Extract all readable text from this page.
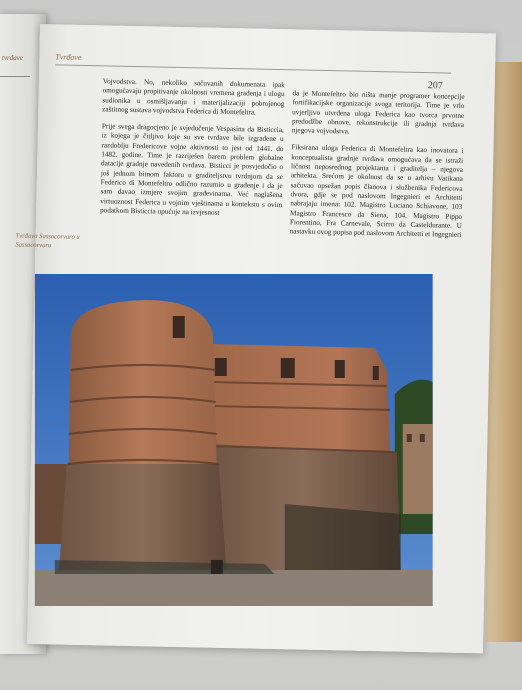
tvrđave	Tvrđave
207

Vojvodstva. No, nekoliko sačuvanih dokumenata ipak omogućavaju propitivanje okolnosti vremena građenja i ulogu sudionika u osmišljavanju i materijalizaciji pobrojenog zaštitnog sustava vojvodstva Federica di Montefeltra.

Prije svega dragocjeno je svjedočenje Vespasina da Bisticcia, iz kojega je čitljivo koje su sve tvrđave bile izgrađene u razdoblju Fredericove vojne aktivnosti to jest od 1441. do 1482. godine. Time je razriješen barem problem globalne datacije gradnje navedenih tvrđava. Bisticci je posvjedočio o još jednom bitnom faktoru u graditeljstvu tvrdnjom da se Federico di Montefeltro odlično razumio u građenje i da je sam davao izmjere svojim građevinama. Već naglašena virtuoznost Federica u vojnim vještinama u kontekstu s ovim podatkom Bisticcia upućuje na izvjesnost

da je Montefeltro bio ništa manje programer koncepcije fortifikacijske organizacije svoga teritorija. Time je vrlo uvjerljivo utvrđena uloga Federica kao tvorca prvotne predodžbe obnove, rekonstrukcije ili gradnja tvrđava njegova vojvodstva.

Fiksirana uloga Federica di Montefeltra kao inovatora i konceptualista gradnje tvrđava omogućava da se istraži ličnost neposrednog projektanta i graditelja – njegova arhitekta. Srećom je okolnost da se u arhivu Vatikana sačuvao opsežan popis članova i službenika Federicova dvora, gdje se pod naslovom Ingegnieri et Architetti nabrajaju imena: 102. Magistro Luciano Schiavone, 103 Magistro Francesco da Siena, 104. Magistro Pippo Fiorentino, Fra Carnevale, Scirro da Casteldurante. U nastavku ovog popisa pod naslovom Architetti et Ingegnieri

Tvrđava Sassocorvaro u Sassocorvaru
